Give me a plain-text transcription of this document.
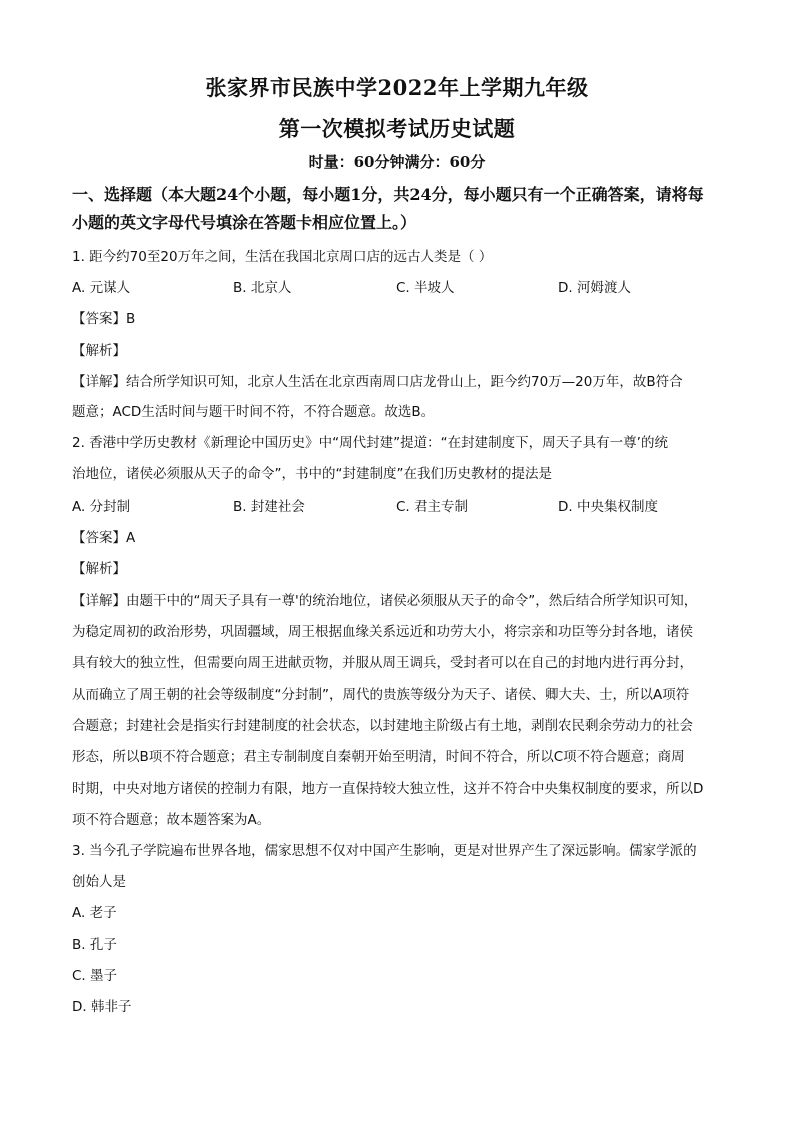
张家界市民族中学2022年上学期九年级
第一次模拟考试历史试题
时量：60分钟满分：60分
一、选择题（本大题24个小题，每小题1分，共24分，每小题只有一个正确答案，请将每
小题的英文字母代号填涂在答题卡相应位置上。）
1. 距今约70至20万年之间，生活在我国北京周口店的远古人类是（ ）
A. 元谋人	B. 北京人	C. 半坡人	D. 河姆渡人
【答案】B
【解析】
【详解】结合所学知识可知，北京人生活在北京西南周口店龙骨山上，距今约70万—20万年，故B符合
题意；ACD生活时间与题干时间不符，不符合题意。故选B。
2. 香港中学历史教材《新理论中国历史》中“周代封建”提道：“在封建制度下，周天子具有一尊’的统
治地位，诸侯必须服从天子的命令”，书中的“封建制度”在我们历史教材的提法是
A. 分封制	B. 封建社会	C. 君主专制	D. 中央集权制度
【答案】A
【解析】
【详解】由题干中的“周天子具有一尊'的统治地位，诸侯必须服从天子的命令”，然后结合所学知识可知，
为稳定周初的政治形势，巩固疆域，周王根据血缘关系远近和功劳大小，将宗亲和功臣等分封各地，诸侯
具有较大的独立性，但需要向周王进献贡物，并服从周王调兵，受封者可以在自己的封地内进行再分封，
从而确立了周王朝的社会等级制度“分封制”，周代的贵族等级分为天子、诸侯、卿大夫、士，所以A项符
合题意；封建社会是指实行封建制度的社会状态，以封建地主阶级占有土地，剥削农民剩余劳动力的社会
形态，所以B项不符合题意；君主专制制度自秦朝开始至明清，时间不符合，所以C项不符合题意；商周
时期，中央对地方诸侯的控制力有限，地方一直保持较大独立性，这并不符合中央集权制度的要求，所以D
项不符合题意；故本题答案为A。
3. 当今孔子学院遍布世界各地，儒家思想不仅对中国产生影响，更是对世界产生了深远影响。儒家学派的
创始人是
A. 老子
B. 孔子
C. 墨子
D. 韩非子
